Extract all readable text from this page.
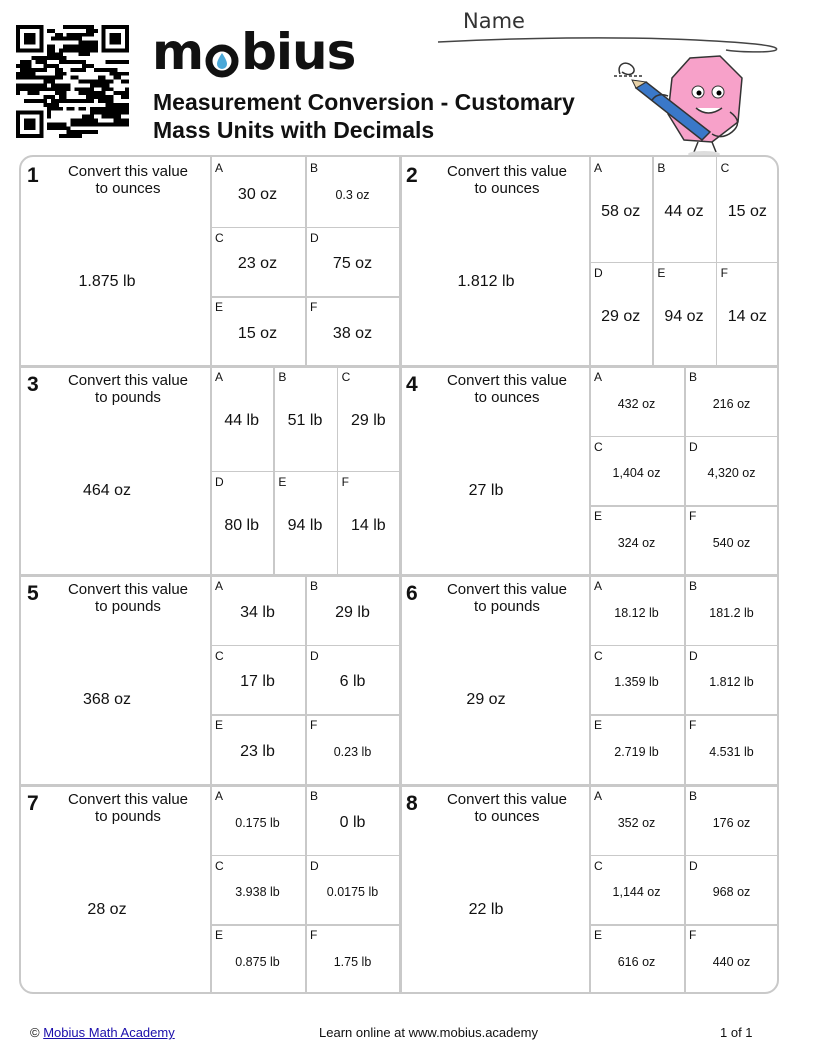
m bius
Measurement Conversion - Customary
Mass Units with Decimals
Name
1	Convert this value
to ounces
1.875 lb
A
30 oz
B
0.3 oz
C
23 oz
D
75 oz
E
15 oz
F
38 oz
2	Convert this value
to ounces
1.812 lb
A
58 oz
B
44 oz
C
15 oz
D
29 oz
E
94 oz
F
14 oz
3	Convert this value
to pounds
464 oz
A
44 lb
B
51 lb
C
29 lb
D
80 lb
E
94 lb
F
14 lb
4	Convert this value
to ounces
27 lb
A
432 oz
B
216 oz
C
1,404 oz
D
4,320 oz
E
324 oz
F
540 oz
5	Convert this value
to pounds
368 oz
A
34 lb
B
29 lb
C
17 lb
D
6 lb
E
23 lb
F
0.23 lb
6	Convert this value
to pounds
29 oz
A
18.12 lb
B
181.2 lb
C
1.359 lb
D
1.812 lb
E
2.719 lb
F
4.531 lb
7	Convert this value
to pounds
28 oz
A
0.175 lb
B
0 lb
C
3.938 lb
D
0.0175 lb
E
0.875 lb
F
1.75 lb
8	Convert this value
to ounces
22 lb
A
352 oz
B
176 oz
C
1,144 oz
D
968 oz
E
616 oz
F
440 oz
© Mobius Math Academy	Learn online at www.mobius.academy	1 of 1
